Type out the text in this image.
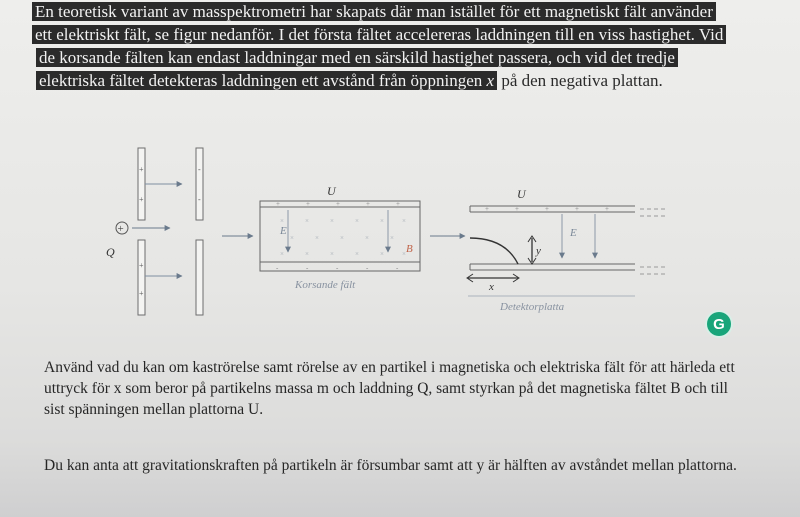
En teoretisk variant av masspektrometri har skapats där man istället för ett magnetiskt fält använder
ett elektriskt fält, se figur nedanför. I det första fältet accelereras laddningen till en viss hastighet. Vid
de korsande fälten kan endast laddningar med en särskild hastighet passera, och vid det tredje
elektriska fältet detekteras laddningen ett avstånd från öppningen x på den negativa plattan.
+
+
+
+
-
-
+
Q
U
+	+	+	+	+
-	-	-	-	-
×	×	×	×	×	×
×	×	×	×	×
×	×	×	×	×	×
E
B
Korsande fält
U
+	+	+	+	+
E
y
x
Detektorplatta
G
Använd vad du kan om kaströrelse samt rörelse av en partikel i magnetiska och elektriska fält för att härleda ett uttryck för x som beror på partikelns massa m och laddning Q, samt styrkan på det magnetiska fältet B och till sist spänningen mellan plattorna U.
Du kan anta att gravitationskraften på partikeln är försumbar samt att y är hälften av avståndet mellan plattorna.
